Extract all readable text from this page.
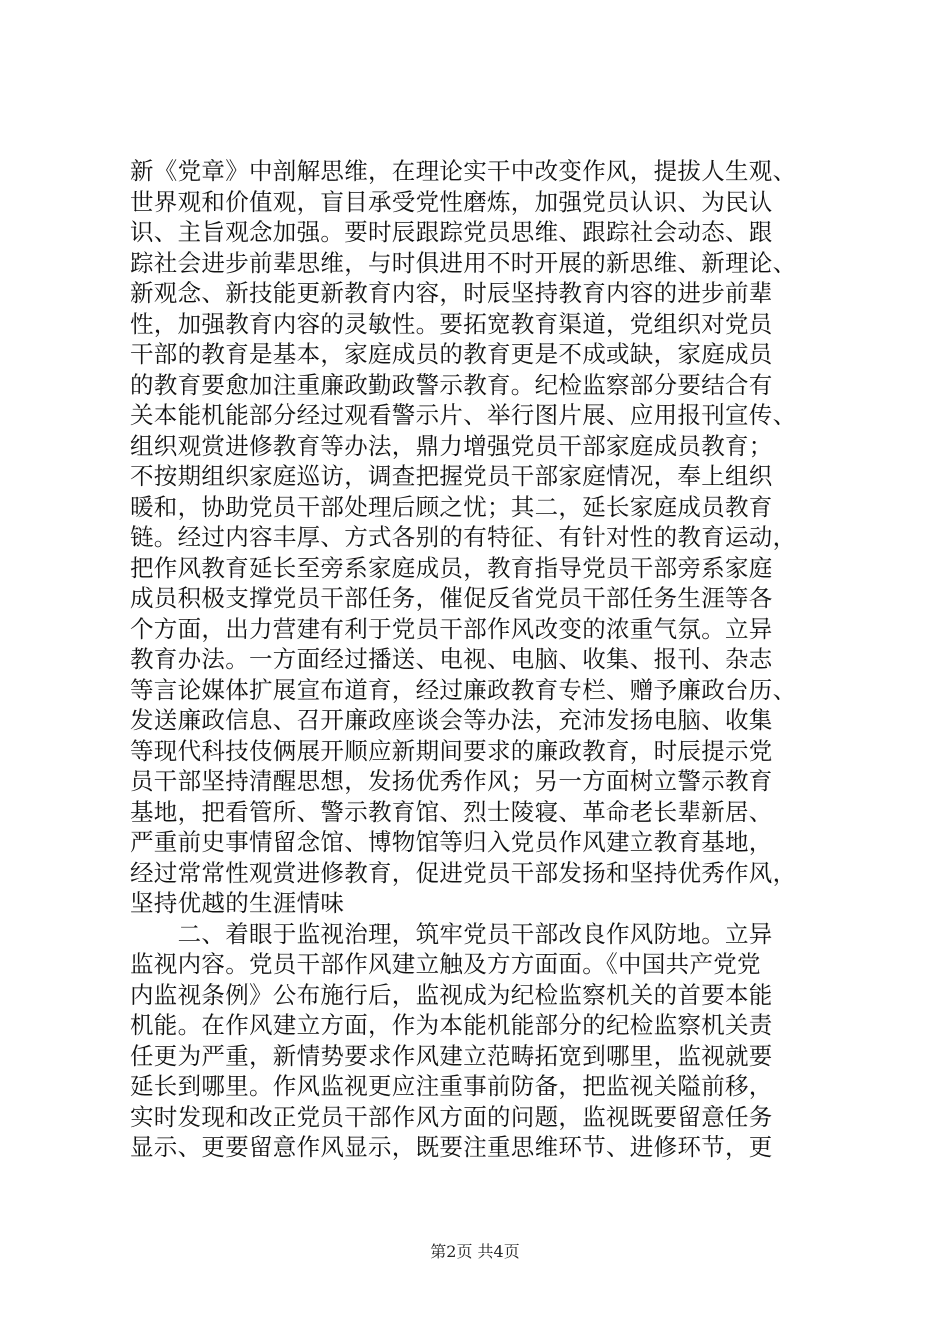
新《党章》中剖解思维，在理论实干中改变作风，提拔人生观、
世界观和价值观，盲目承受党性磨炼，加强党员认识、为民认
识、主旨观念加强。要时辰跟踪党员思维、跟踪社会动态、跟
踪社会进步前辈思维，与时俱进用不时开展的新思维、新理论、
新观念、新技能更新教育内容，时辰坚持教育内容的进步前辈
性，加强教育内容的灵敏性。要拓宽教育渠道，党组织对党员
干部的教育是基本，家庭成员的教育更是不成或缺，家庭成员
的教育要愈加注重廉政勤政警示教育。纪检监察部分要结合有
关本能机能部分经过观看警示片、举行图片展、应用报刊宣传、
组织观赏进修教育等办法，鼎力增强党员干部家庭成员教育；
不按期组织家庭巡访，调查把握党员干部家庭情况，奉上组织
暖和，协助党员干部处理后顾之忧；其二，延长家庭成员教育
链。经过内容丰厚、方式各别的有特征、有针对性的教育运动，
把作风教育延长至旁系家庭成员，教育指导党员干部旁系家庭
成员积极支撑党员干部任务，催促反省党员干部任务生涯等各
个方面，出力营建有利于党员干部作风改变的浓重气氛。立异
教育办法。一方面经过播送、电视、电脑、收集、报刊、杂志
等言论媒体扩展宣布道育，经过廉政教育专栏、赠予廉政台历、
发送廉政信息、召开廉政座谈会等办法，充沛发扬电脑、收集
等现代科技伎俩展开顺应新期间要求的廉政教育，时辰提示党
员干部坚持清醒思想，发扬优秀作风；另一方面树立警示教育
基地，把看管所、警示教育馆、烈士陵寝、革命老长辈新居、
严重前史事情留念馆、博物馆等归入党员作风建立教育基地，
经过常常性观赏进修教育，促进党员干部发扬和坚持优秀作风，
坚持优越的生涯情味
　　二、着眼于监视治理，筑牢党员干部改良作风防地。立异
监视内容。党员干部作风建立触及方方面面。《中国共产党党
内监视条例》公布施行后，监视成为纪检监察机关的首要本能
机能。在作风建立方面，作为本能机能部分的纪检监察机关责
任更为严重，新情势要求作风建立范畴拓宽到哪里，监视就要
延长到哪里。作风监视更应注重事前防备，把监视关隘前移，
实时发现和改正党员干部作风方面的问题，监视既要留意任务
显示、更要留意作风显示，既要注重思维环节、进修环节，更
第2页 共4页
